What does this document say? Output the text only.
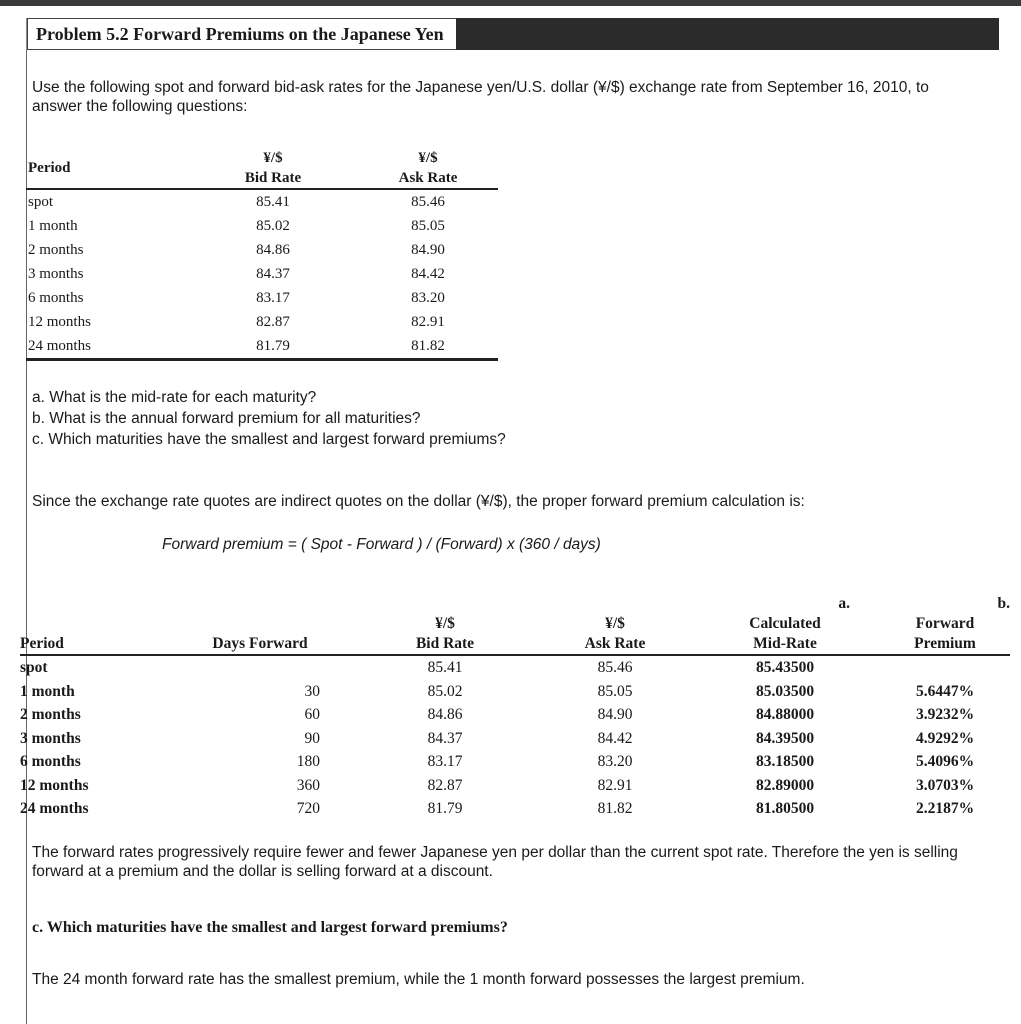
Problem 5.2 Forward Premiums on the Japanese Yen

Use the following spot and forward bid-ask rates for the Japanese yen/U.S. dollar (¥/$) exchange rate from September 16, 2010, to answer the following questions:

Period	¥/$	¥/$
	Bid Rate	Ask Rate
spot	85.41	85.46
1 month	85.02	85.05
2 months	84.86	84.90
3 months	84.37	84.42
6 months	83.17	83.20
12 months	82.87	82.91
24 months	81.79	81.82
a. What is the mid-rate for each maturity?
b. What is the annual forward premium for all maturities?
c. Which maturities have the smallest and largest forward premiums?

Since the exchange rate quotes are indirect quotes on the dollar (¥/$), the proper forward premium calculation is:

Forward premium = ( Spot - Forward ) / (Forward) x (360 / days)
				a.	b.
		¥/$	¥/$	Calculated	Forward
Period	Days Forward	Bid Rate	Ask Rate	Mid-Rate	Premium
spot		85.41	85.46	85.43500	
1 month	30	85.02	85.05	85.03500	5.6447%
2 months	60	84.86	84.90	84.88000	3.9232%
3 months	90	84.37	84.42	84.39500	4.9292%
6 months	180	83.17	83.20	83.18500	5.4096%
12 months	360	82.87	82.91	82.89000	3.0703%
24 months	720	81.79	81.82	81.80500	2.2187%

The forward rates progressively require fewer and fewer Japanese yen per dollar than the current spot rate. Therefore the yen is selling forward at a premium and the dollar is selling forward at a discount.

c. Which maturities have the smallest and largest forward premiums?

The 24 month forward rate has the smallest premium, while the 1 month forward possesses the largest premium.
